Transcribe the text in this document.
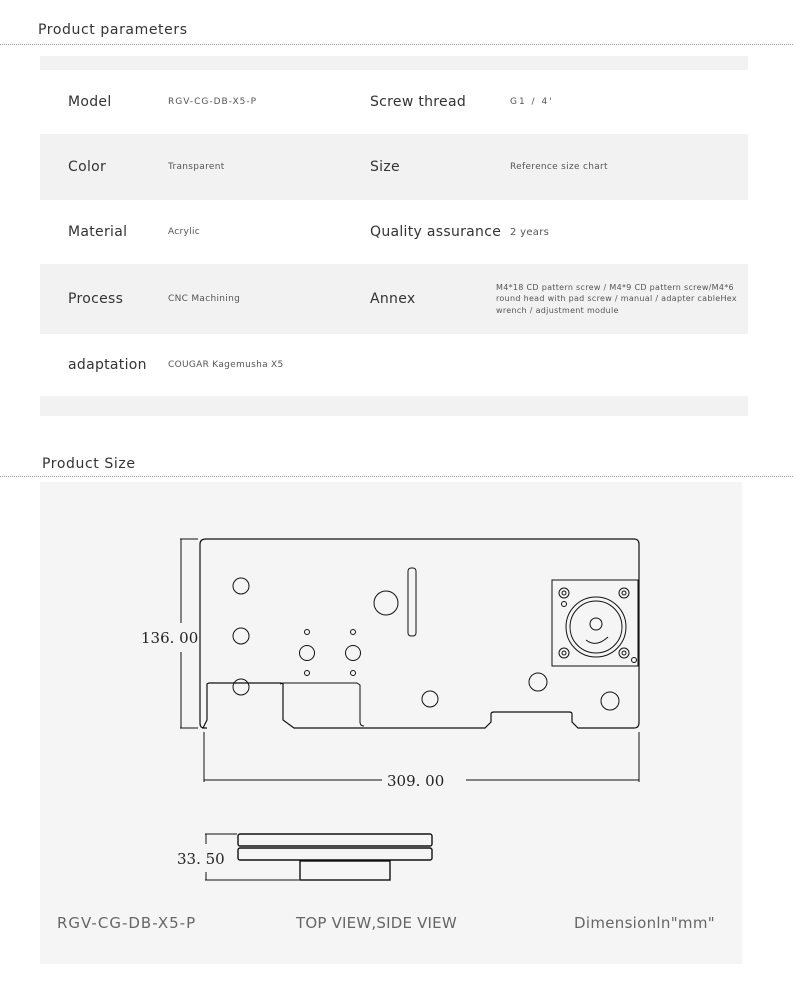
Product parameters
Model	RGV-CG-DB-X5-P	Screw thread	G1 / 4'
Color	Transparent	Size	Reference size chart
Material	Acrylic	Quality assurance 2 years
Process	CNC Machining	Annex
M4*18 CD pattern screw / M4*9 CD pattern screw/M4*6 round head with pad screw / manual / adapter cableHex wrench / adjustment module
adaptation COUGAR Kagemusha X5
Product Size
136. 00
309. 00
33. 50
RGV-CG-DB-X5-P	TOP VIEW,SIDE VIEW	Dimensionln"mm"
